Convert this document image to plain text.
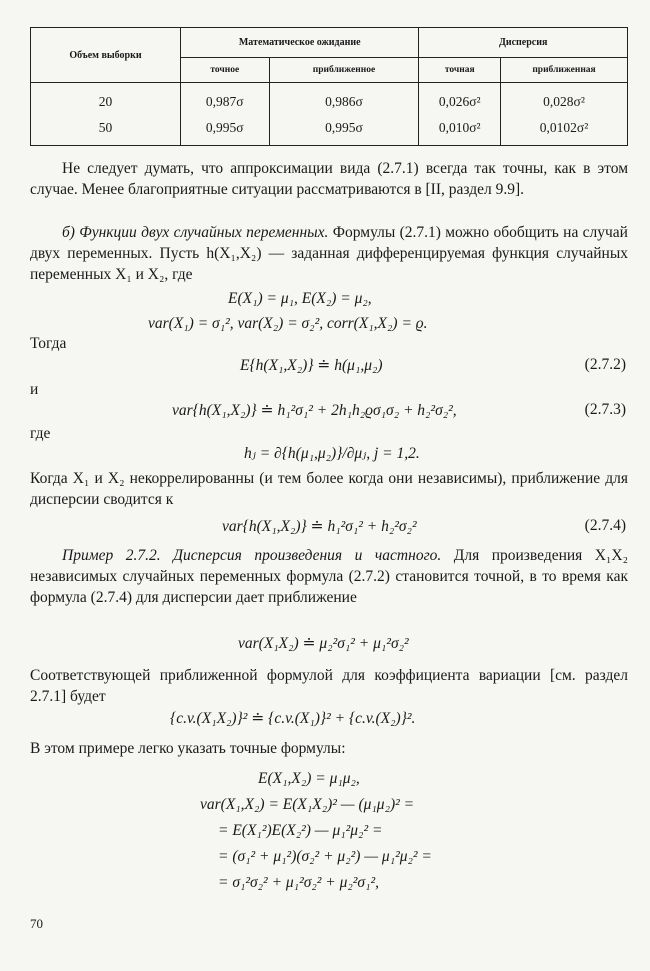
Объем выборки	Математическое ожидание		Дисперсия	
	точное	приближенное	точная	приближенная
20	0,987σ	0,986σ	0,026σ²	0,028σ²
50	0,995σ	0,995σ	0,010σ²	0,0102σ²
Не следует думать, что аппроксимации вида (2.7.1) всегда так точны, как в этом случае. Менее благоприятные ситуации рассматриваются в [II, раздел 9.9].
б) Функции двух случайных переменных. Формулы (2.7.1) можно обобщить на случай двух переменных. Пусть h(X₁,X₂) — заданная дифференцируемая функция случайных переменных X₁ и X₂, где
E(X₁) = μ₁, E(X₂) = μ₂,
var(X₁) = σ₁², var(X₂) = σ₂², corr(X₁,X₂) = ϱ.
Тогда
E{h(X₁,X₂)} ≐ h(μ₁,μ₂)	(2.7.2)
и
var{h(X₁,X₂)} ≐ h₁²σ₁² + 2h₁h₂ϱσ₁σ₂ + h₂²σ₂²,	(2.7.3)
где
hⱼ = ∂{h(μ₁,μ₂)}/∂μⱼ, j = 1,2.
Когда X₁ и X₂ некоррелированны (и тем более когда они независимы), приближение для дисперсии сводится к
var{h(X₁,X₂)} ≐ h₁²σ₁² + h₂²σ₂²	(2.7.4)
Пример 2.7.2. Дисперсия произведения и частного. Для произведения X₁X₂ независимых случайных переменных формула (2.7.2) становится точной, в то время как формула (2.7.4) для дисперсии дает приближение
var(X₁X₂) ≐ μ₂²σ₁² + μ₁²σ₂²
Соответствующей приближенной формулой для коэффициента вариации [см. раздел 2.7.1] будет
{c.v.(X₁X₂)}² ≐ {c.v.(X₁)}² + {c.v.(X₂)}².
В этом примере легко указать точные формулы:
E(X₁,X₂) = μ₁μ₂,
var(X₁,X₂) = E(X₁X₂)² — (μ₁μ₂)² =
= E(X₁²)E(X₂²) — μ₁²μ₂² =
= (σ₁² + μ₁²)(σ₂² + μ₂²) — μ₁²μ₂² =
= σ₁²σ₂² + μ₁²σ₂² + μ₂²σ₁²,
70
